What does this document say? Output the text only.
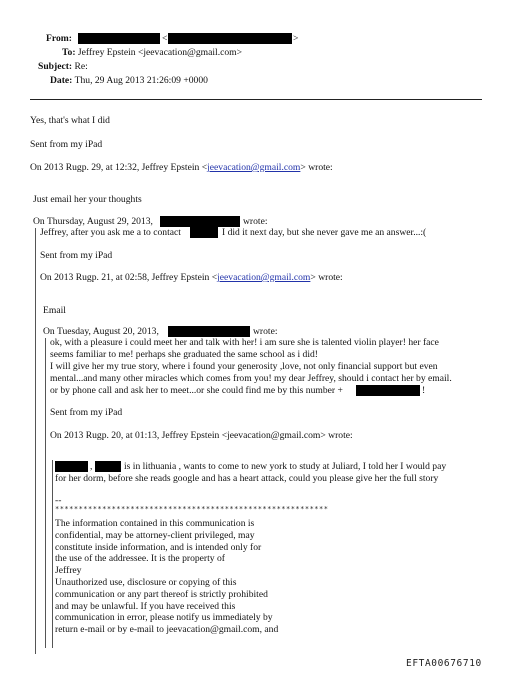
From:	<	>
To: Jeffrey Epstein <jeevacation@gmail.com>
Subject: Re:
Date: Thu, 29 Aug 2013 21:26:09 +0000
Yes, that's what I did
Sent from my iPad
On 2013 Rugp. 29, at 12:32, Jeffrey Epstein <jeevacation@gmail.com> wrote:
Just email her your thoughts
On Thursday, August 29, 2013,	wrote:
Jeffrey, after you ask me a to contact	I did it next day, but she never gave me an answer...:(
Sent from my iPad
On 2013 Rugp. 21, at 02:58, Jeffrey Epstein <jeevacation@gmail.com> wrote:
Email
On Tuesday, August 20, 2013,	wrote:
ok, with a pleasure i could meet her and talk with her! i am sure she is talented violin player! her face
seems familiar to me! perhaps she graduated the same school as i did!
I will give her my true story, where i found your generosity ,love, not only financial support but even
mental...and many other miracles which comes from you! my dear Jeffrey, should i contact her by email.
or by phone call and ask her to meet...or she could find me by this number +	!
Sent from my iPad
On 2013 Rugp. 20, at 01:13, Jeffrey Epstein <jeevacation@gmail.com> wrote:
,	is in lithuania , wants to come to new york to study at Juliard, I told her I would pay
for her dorm, before she reads google and has a heart attack, could you please give her the full story
--
**********************************************************
The information contained in this communication is
confidential, may be attorney-client privileged, may
constitute inside information, and is intended only for
the use of the addressee. It is the property of
Jeffrey
Unauthorized use, disclosure or copying of this
communication or any part thereof is strictly prohibited
and may be unlawful. If you have received this
communication in error, please notify us immediately by
return e-mail or by e-mail to jeevacation@gmail.com, and
EFTA00676710
